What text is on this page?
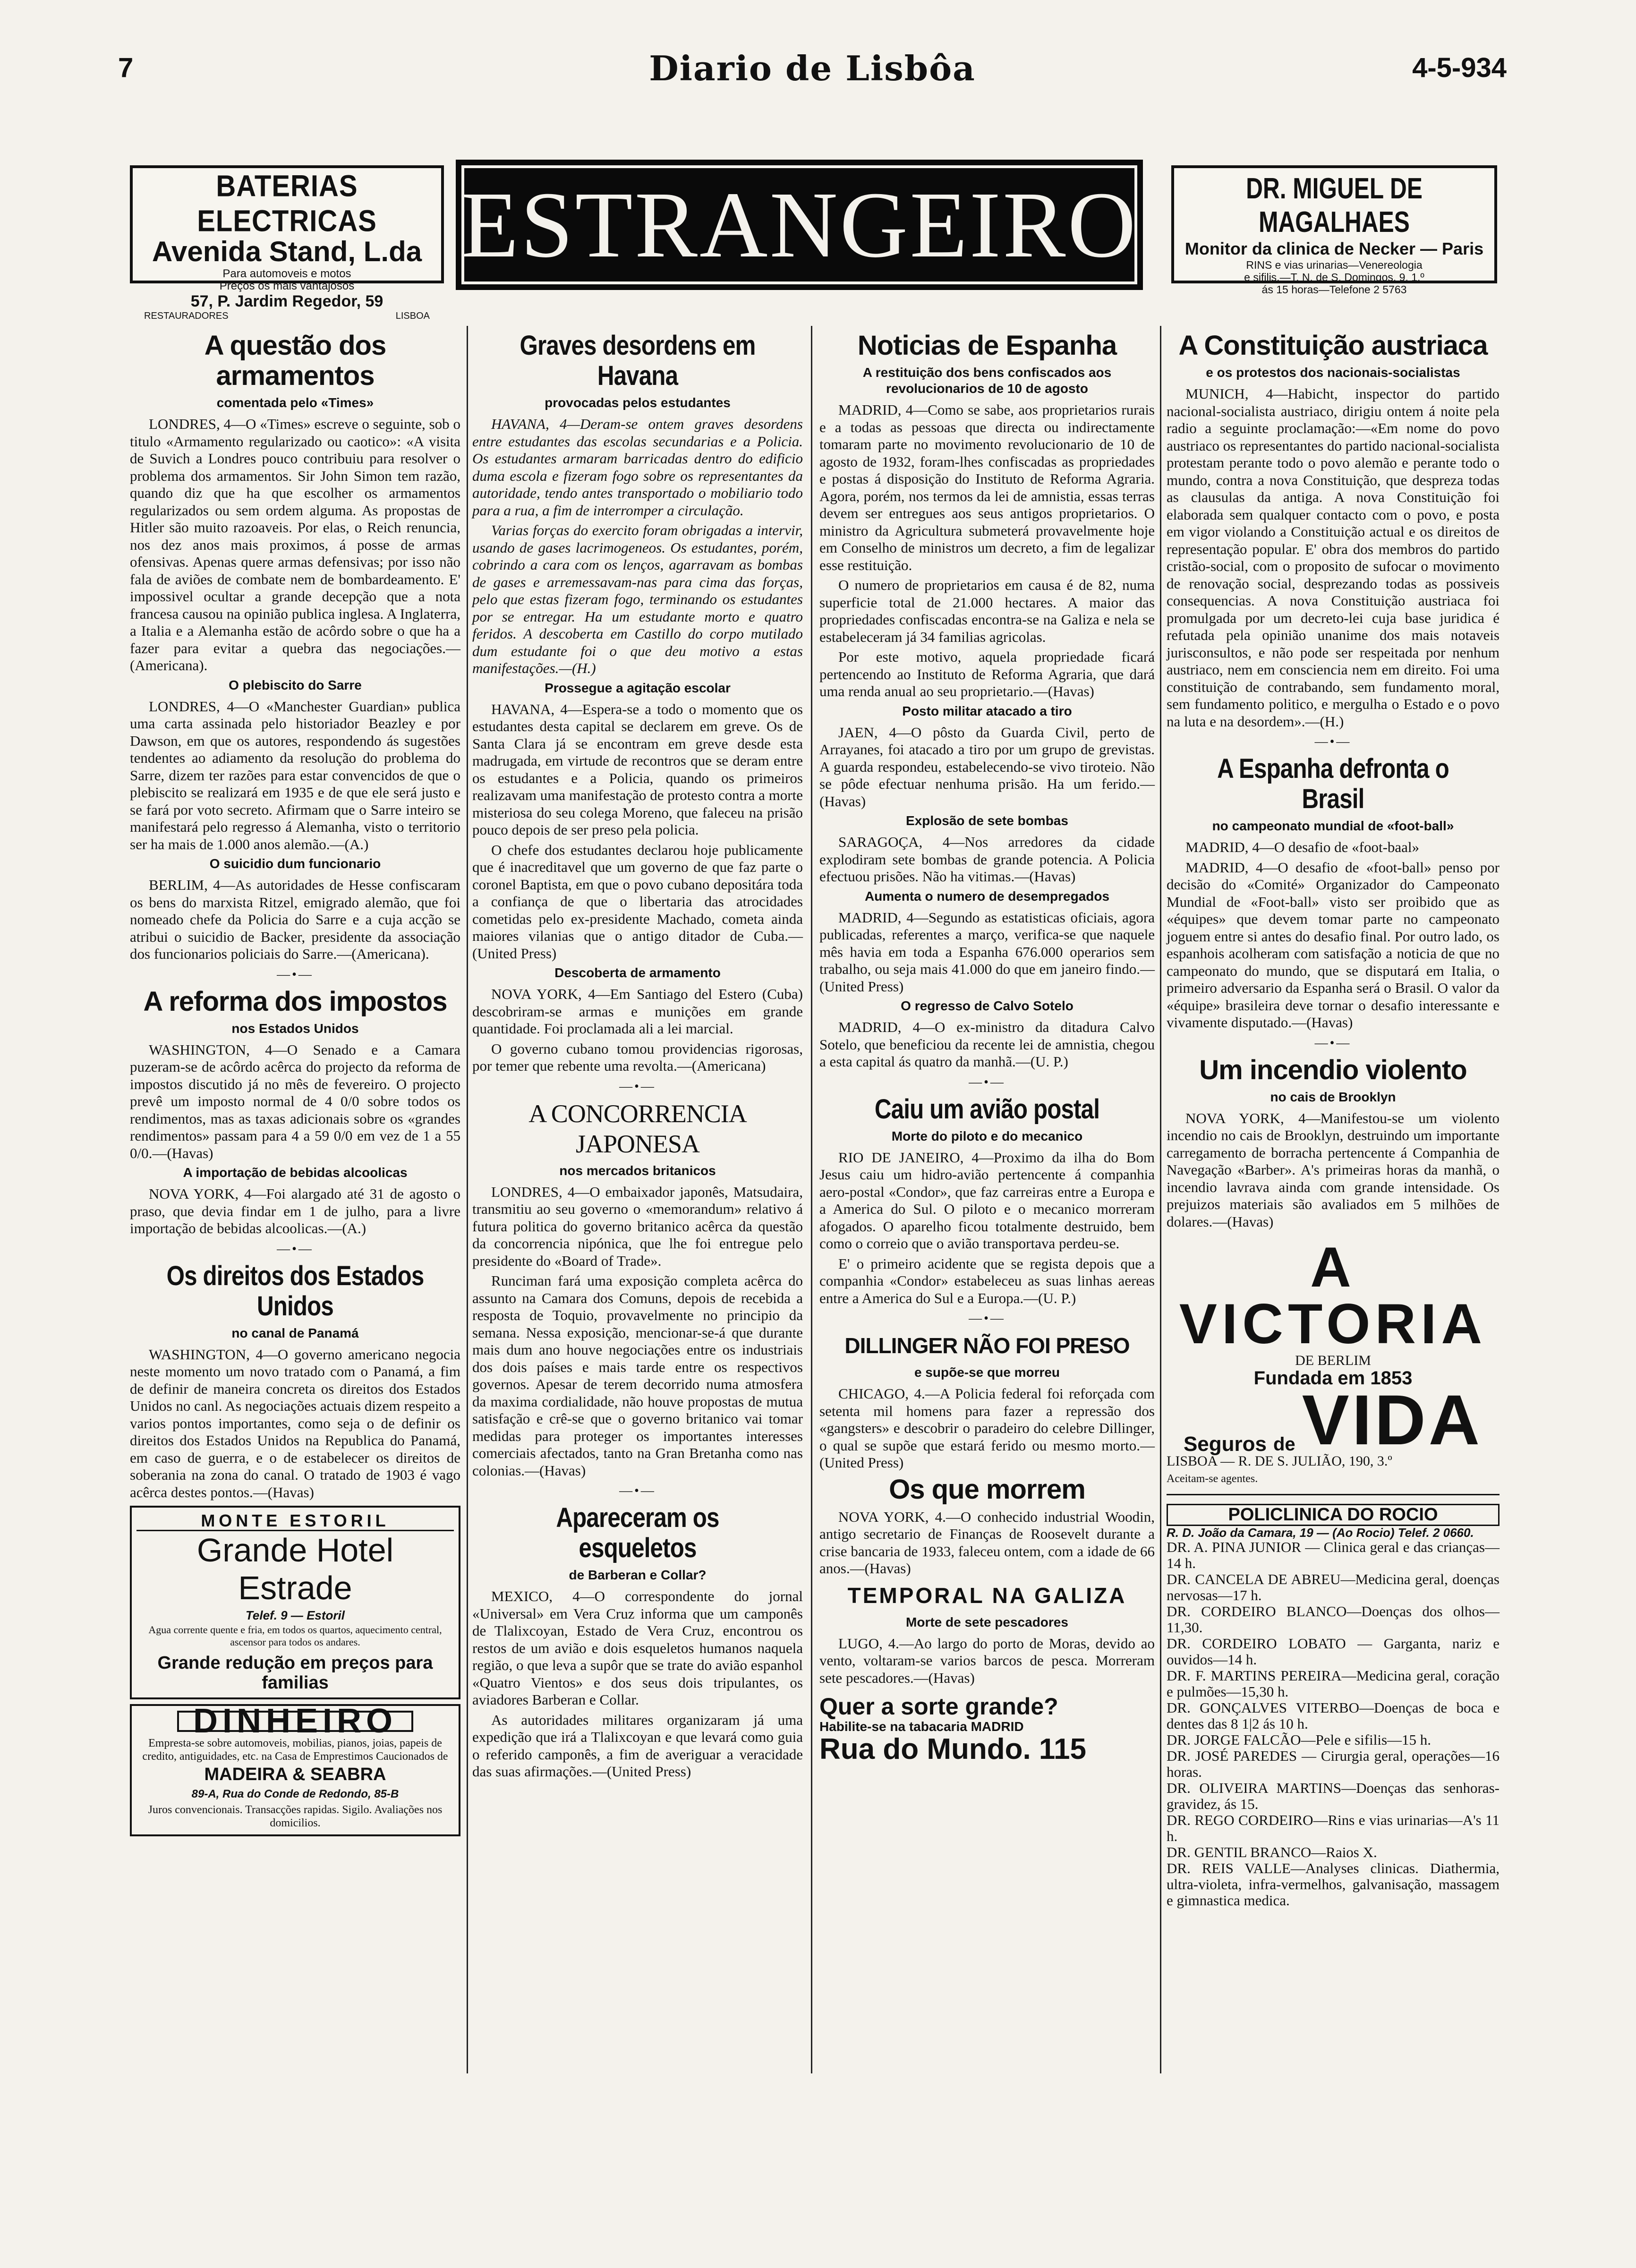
7	Diario de Lisbôa	4-5-934
BATERIAS ELECTRICAS
Avenida Stand, L.da
Para automoveis e motos
Preços os mais vantajosos
57, P. Jardim Regedor, 59
RESTAURADORES	LISBOA
ESTRANGEIRO	DR. MIGUEL DE MAGALHAES
Monitor da clinica de Necker — Paris
RINS e vias urinarias—Venereologia
e sifilis.—T. N. de S. Domingos, 9, 1.º
ás 15 horas—Telefone 2 5763
A questão dos armamentos
comentada pelo «Times»

LONDRES, 4—O «Times» escreve o seguinte, sob o titulo «Armamento regularizado ou caotico»: «A visita de Suvich a Londres pouco contribuiu para resolver o problema dos armamentos. Sir John Simon tem razão, quando diz que ha que escolher os armamentos regularizados ou sem ordem alguma. As propostas de Hitler são muito razoaveis. Por elas, o Reich renuncia, nos dez anos mais proximos, á posse de armas ofensivas. Apenas quere armas defensivas; por isso não fala de aviões de combate nem de bombardeamento. E' impossivel ocultar a grande decepção que a nota francesa causou na opinião publica inglesa. A Inglaterra, a Italia e a Alemanha estão de acôrdo sobre o que ha a fazer para evitar a quebra das negociações.—(Americana).

O plebiscito do Sarre

LONDRES, 4—O «Manchester Guardian» publica uma carta assinada pelo historiador Beazley e por Dawson, em que os autores, respondendo ás sugestões tendentes ao adiamento da resolução do problema do Sarre, dizem ter razões para estar convencidos de que o plebiscito se realizará em 1935 e de que ele será justo e se fará por voto secreto. Afirmam que o Sarre inteiro se manifestará pelo regresso á Alemanha, visto o territorio ser ha mais de 1.000 anos alemão.—(A.)

O suicidio dum funcionario

BERLIM, 4—As autoridades de Hesse confiscaram os bens do marxista Ritzel, emigrado alemão, que foi nomeado chefe da Policia do Sarre e a cuja acção se atribui o suicidio de Backer, presidente da associação dos funcionarios policiais do Sarre.—(Americana).

—•—
A reforma dos impostos
nos Estados Unidos

WASHINGTON, 4—O Senado e a Camara puzeram-se de acôrdo acêrca do projecto da reforma de impostos discutido já no mês de fevereiro. O projecto prevê um imposto normal de 4 0/0 sobre todos os rendimentos, mas as taxas adicionais sobre os «grandes rendimentos» passam para 4 a 59 0/0 em vez de 1 a 55 0/0.—(Havas)

A importação de bebidas alcoolicas

NOVA YORK, 4—Foi alargado até 31 de agosto o praso, que devia findar em 1 de julho, para a livre importação de bebidas alcoolicas.—(A.)

—•—
Os direitos dos Estados Unidos
no canal de Panamá

WASHINGTON, 4—O governo americano negocia neste momento um novo tratado com o Panamá, a fim de definir de maneira concreta os direitos dos Estados Unidos no canl. As negociações actuais dizem respeito a varios pontos importantes, como seja o de definir os direitos dos Estados Unidos na Republica do Panamá, em caso de guerra, e o de estabelecer os direitos de soberania na zona do canal. O tratado de 1903 é vago acêrca destes pontos.—(Havas)

MONTE ESTORIL
Grande Hotel Estrade
Telef. 9 — Estoril
Agua corrente quente e fria, em todos os quartos, aquecimento central, ascensor para todos os andares.
Grande redução em preços para familias
DINHEIRO
Empresta-se sobre automoveis, mobilias, pianos, joias, papeis de credito, antiguidades, etc. na Casa de Emprestimos Caucionados de
MADEIRA & SEABRA
89-A, Rua do Conde de Redondo, 85-B
Juros convencionais. Transacções rapidas. Sigilo. Avaliações nos domicilios.
Graves desordens em Havana
provocadas pelos estudantes

HAVANA, 4—Deram-se ontem graves desordens entre estudantes das escolas secundarias e a Policia. Os estudantes armaram barricadas dentro do edificio duma escola e fizeram fogo sobre os representantes da autoridade, tendo antes transportado o mobiliario todo para a rua, a fim de interromper a circulação.

Varias forças do exercito foram obrigadas a intervir, usando de gases lacrimogeneos. Os estudantes, porém, cobrindo a cara com os lenços, agarravam as bombas de gases e arremessavam-nas para cima das forças, pelo que estas fizeram fogo, terminando os estudantes por se entregar. Ha um estudante morto e quatro feridos. A descoberta em Castillo do corpo mutilado dum estudante foi o que deu motivo a estas manifestações.—(H.)

Prossegue a agitação escolar

HAVANA, 4—Espera-se a todo o momento que os estudantes desta capital se declarem em greve. Os de Santa Clara já se encontram em greve desde esta madrugada, em virtude de recontros que se deram entre os estudantes e a Policia, quando os primeiros realizavam uma manifestação de protesto contra a morte misteriosa do seu colega Moreno, que faleceu na prisão pouco depois de ser preso pela policia.

O chefe dos estudantes declarou hoje publicamente que é inacreditavel que um governo de que faz parte o coronel Baptista, em que o povo cubano depositára toda a confiança de que o libertaria das atrocidades cometidas pelo ex-presidente Machado, cometa ainda maiores vilanias que o antigo ditador de Cuba.—(United Press)

Descoberta de armamento

NOVA YORK, 4—Em Santiago del Estero (Cuba) descobriram-se armas e munições em grande quantidade. Foi proclamada ali a lei marcial.

O governo cubano tomou providencias rigorosas, por temer que rebente uma revolta.—(Americana)

—•—
A CONCORRENCIA JAPONESA
nos mercados britanicos

LONDRES, 4—O embaixador japonês, Matsudaira, transmitiu ao seu governo o «memorandum» relativo á futura politica do governo britanico acêrca da questão da concorrencia nipónica, que lhe foi entregue pelo presidente do «Board of Trade».

Runciman fará uma exposição completa acêrca do assunto na Camara dos Comuns, depois de recebida a resposta de Toquio, provavelmente no principio da semana. Nessa exposição, mencionar-se-á que durante mais dum ano houve negociações entre os industriais dos dois países e mais tarde entre os respectivos governos. Apesar de terem decorrido numa atmosfera da maxima cordialidade, não houve propostas de mutua satisfação e crê-se que o governo britanico vai tomar medidas para proteger os importantes interesses comerciais afectados, tanto na Gran Bretanha como nas colonias.—(Havas)

—•—
Apareceram os esqueletos
de Barberan e Collar?

MEXICO, 4—O correspondente do jornal «Universal» em Vera Cruz informa que um camponês de Tlalixcoyan, Estado de Vera Cruz, encontrou os restos de um avião e dois esqueletos humanos naquela região, o que leva a supôr que se trate do avião espanhol «Quatro Vientos» e dos seus dois tripulantes, os aviadores Barberan e Collar.

As autoridades militares organizaram já uma expedição que irá a Tlalixcoyan e que levará como guia o referido camponês, a fim de averiguar a veracidade das suas afirmações.—(United Press)

Noticias de Espanha
A restituição dos bens confiscados aos revolucionarios de 10 de agosto

MADRID, 4—Como se sabe, aos proprietarios rurais e a todas as pessoas que directa ou indirectamente tomaram parte no movimento revolucionario de 10 de agosto de 1932, foram-lhes confiscadas as propriedades e postas á disposição do Instituto de Reforma Agraria. Agora, porém, nos termos da lei de amnistia, essas terras devem ser entregues aos seus antigos proprietarios. O ministro da Agricultura submeterá provavelmente hoje em Conselho de ministros um decreto, a fim de legalizar esse restituição.

O numero de proprietarios em causa é de 82, numa superficie total de 21.000 hectares. A maior das propriedades confiscadas encontra-se na Galiza e nela se estabeleceram já 34 familias agricolas.

Por este motivo, aquela propriedade ficará pertencendo ao Instituto de Reforma Agraria, que dará uma renda anual ao seu proprietario.—(Havas)

Posto militar atacado a tiro

JAEN, 4—O pôsto da Guarda Civil, perto de Arrayanes, foi atacado a tiro por um grupo de grevistas. A guarda respondeu, estabelecendo-se vivo tiroteio. Não se pôde efectuar nenhuma prisão. Ha um ferido.—(Havas)

Explosão de sete bombas

SARAGOÇA, 4—Nos arredores da cidade explodiram sete bombas de grande potencia. A Policia efectuou prisões. Não ha vitimas.—(Havas)

Aumenta o numero de desempregados

MADRID, 4—Segundo as estatisticas oficiais, agora publicadas, referentes a março, verifica-se que naquele mês havia em toda a Espanha 676.000 operarios sem trabalho, ou seja mais 41.000 do que em janeiro findo.—(United Press)

O regresso de Calvo Sotelo

MADRID, 4—O ex-ministro da ditadura Calvo Sotelo, que beneficiou da recente lei de amnistia, chegou a esta capital ás quatro da manhã.—(U. P.)

—•—
Caiu um avião postal
Morte do piloto e do mecanico

RIO DE JANEIRO, 4—Proximo da ilha do Bom Jesus caiu um hidro-avião pertencente á companhia aero-postal «Condor», que faz carreiras entre a Europa e a America do Sul. O piloto e o mecanico morreram afogados. O aparelho ficou totalmente destruido, bem como o correio que o avião transportava perdeu-se.

E' o primeiro acidente que se regista depois que a companhia «Condor» estabeleceu as suas linhas aereas entre a America do Sul e a Europa.—(U. P.)

—•—
DILLINGER NÃO FOI PRESO
e supõe-se que morreu

CHICAGO, 4.—A Policia federal foi reforçada com setenta mil homens para fazer a repressão dos «gangsters» e descobrir o paradeiro do celebre Dillinger, o qual se supõe que estará ferido ou mesmo morto.—(United Press)

Os que morrem

NOVA YORK, 4.—O conhecido industrial Woodin, antigo secretario de Finanças de Roosevelt durante a crise bancaria de 1933, faleceu ontem, com a idade de 66 anos.—(Havas)

TEMPORAL NA GALIZA
Morte de sete pescadores

LUGO, 4.—Ao largo do porto de Moras, devido ao vento, voltaram-se varios barcos de pesca. Morreram sete pescadores.—(Havas)

Quer a sorte grande?
Habilite-se na tabacaria MADRID
Rua do Mundo. 115
A Constituição austriaca
e os protestos dos nacionais-socialistas

MUNICH, 4—Habicht, inspector do partido nacional-socialista austriaco, dirigiu ontem á noite pela radio a seguinte proclamação:—«Em nome do povo austriaco os representantes do partido nacional-socialista protestam perante todo o povo alemão e perante todo o mundo, contra a nova Constituição, que despreza todas as clausulas da antiga. A nova Constituição foi elaborada sem qualquer contacto com o povo, e posta em vigor violando a Constituição actual e os direitos de representação popular. E' obra dos membros do partido cristão-social, com o proposito de sufocar o movimento de renovação social, desprezando todas as possiveis consequencias. A nova Constituição austriaca foi promulgada por um decreto-lei cuja base juridica é refutada pela opinião unanime dos mais notaveis jurisconsultos, e não pode ser respeitada por nenhum austriaco, nem em consciencia nem em direito. Foi uma constituição de contrabando, sem fundamento moral, sem fundamento politico, e mergulha o Estado e o povo na luta e na desordem».—(H.)

—•—
A Espanha defronta o Brasil
no campeonato mundial de «foot-ball»

MADRID, 4—O desafio de «foot-baal»

MADRID, 4—O desafio de «foot-ball» penso por decisão do «Comité» Organizador do Campeonato Mundial de «Foot-ball» visto ser proibido que as «équipes» que devem tomar parte no campeonato joguem entre si antes do desafio final. Por outro lado, os espanhois acolheram com satisfação a noticia de que no campeonato do mundo, que se disputará em Italia, o primeiro adversario da Espanha será o Brasil. O valor da «équipe» brasileira deve tornar o desafio interessante e vivamente disputado.—(Havas)

—•—
Um incendio violento
no cais de Brooklyn

NOVA YORK, 4—Manifestou-se um violento incendio no cais de Brooklyn, destruindo um importante carregamento de borracha pertencente á Companhia de Navegação «Barber». A's primeiras horas da manhã, o incendio lavrava ainda com grande intensidade. Os prejuizos materiais são avaliados em 5 milhões de dolares.—(Havas)

A VICTORIA
DE BERLIM
Fundada em 1853
Seguros de VIDA
LISBOA — R. DE S. JULIÃO, 190, 3.º
Aceitam-se agentes.
POLICLINICA DO ROCIO
R. D. João da Camara, 19 — (Ao Rocio) Telef. 2 0660.
DR. A. PINA JUNIOR — Clinica geral e das crianças—14 h.
DR. CANCELA DE ABREU—Medicina geral, doenças nervosas—17 h.
DR. CORDEIRO BLANCO—Doenças dos olhos—11,30.
DR. CORDEIRO LOBATO — Garganta, nariz e ouvidos—14 h.
DR. F. MARTINS PEREIRA—Medicina geral, coração e pulmões—15,30 h.
DR. GONÇALVES VITERBO—Doenças de boca e dentes das 8 1|2 ás 10 h.
DR. JORGE FALCÃO—Pele e sifilis—15 h.
DR. JOSÉ PAREDES — Cirurgia geral, operações—16 horas.
DR. OLIVEIRA MARTINS—Doenças das senhoras-gravidez, ás 15.
DR. REGO CORDEIRO—Rins e vias urinarias—A's 11 h.
DR. GENTIL BRANCO—Raios X.
DR. REIS VALLE—Analyses clinicas. Diathermia, ultra-violeta, infra-vermelhos, galvanisação, massagem e gimnastica medica.
